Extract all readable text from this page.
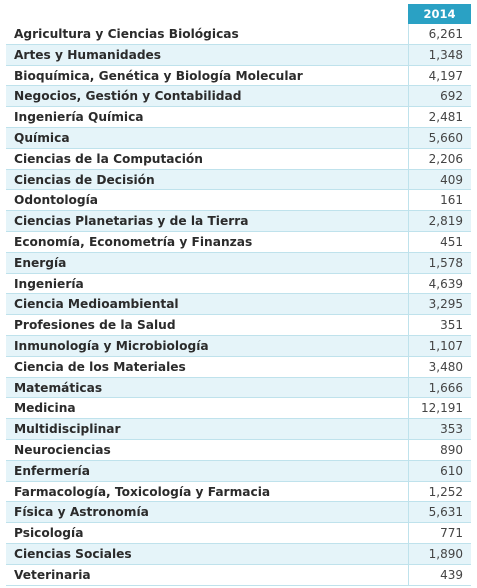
2014
Agricultura y Ciencias Biológicas	6,261
Artes y Humanidades	1,348
Bioquímica, Genética y Biología Molecular	4,197
Negocios, Gestión y Contabilidad	692
Ingeniería Química	2,481
Química	5,660
Ciencias de la Computación	2,206
Ciencias de Decisión	409
Odontología	161
Ciencias Planetarias y de la Tierra	2,819
Economía, Econometría y Finanzas	451
Energía	1,578
Ingeniería	4,639
Ciencia Medioambiental	3,295
Profesiones de la Salud	351
Inmunología y Microbiología	1,107
Ciencia de los Materiales	3,480
Matemáticas	1,666
Medicina	12,191
Multidisciplinar	353
Neurociencias	890
Enfermería	610
Farmacología, Toxicología y Farmacia	1,252
Física y Astronomía	5,631
Psicología	771
Ciencias Sociales	1,890
Veterinaria	439
